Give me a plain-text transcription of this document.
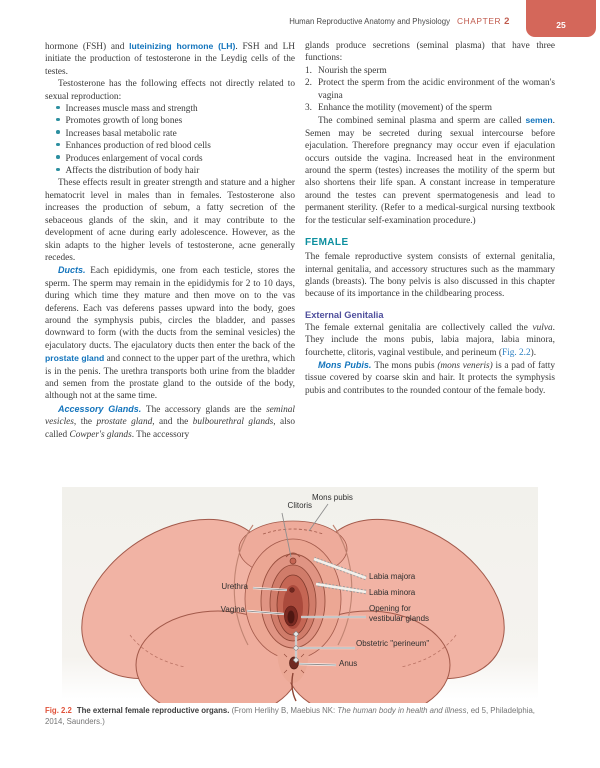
Human Reproductive Anatomy and Physiology CHAPTER 2	25

hormone (FSH) and luteinizing hormone (LH). FSH and LH initiate the production of testosterone in the Leydig cells of the testes.

Testosterone has the following effects not directly related to sexual reproduction:

Increases muscle mass and strength
Promotes growth of long bones
Increases basal metabolic rate
Enhances production of red blood cells
Produces enlargement of vocal cords
Affects the distribution of body hair

These effects result in greater strength and stature and a higher hematocrit level in males than in females. Testosterone also increases the production of sebum, a fatty secretion of the sebaceous glands of the skin, and it may contribute to the development of acne during early adolescence. However, as the skin adapts to the higher levels of testosterone, acne generally recedes.

Ducts. Each epididymis, one from each testicle, stores the sperm. The sperm may remain in the epididymis for 2 to 10 days, during which time they mature and then move on to the vas deferens. Each vas deferens passes upward into the body, goes around the symphysis pubis, circles the bladder, and passes downward to form (with the ducts from the seminal vesicles) the ejaculatory ducts. The ejaculatory ducts then enter the back of the prostate gland and connect to the upper part of the urethra, which is in the penis. The urethra transports both urine from the bladder and semen from the prostate gland to the outside of the body, although not at the same time.

Accessory Glands. The accessory glands are the seminal vesicles, the prostate gland, and the bulbourethral glands, also called Cowper's glands. The accessory

glands produce secretions (seminal plasma) that have three functions:

1. Nourish the sperm
2. Protect the sperm from the acidic environment of the woman's vagina
3. Enhance the motility (movement) of the sperm

The combined seminal plasma and sperm are called semen. Semen may be secreted during sexual intercourse before ejaculation. Therefore pregnancy may occur even if ejaculation occurs outside the vagina. Increased heat in the environment around the sperm (testes) increases the motility of the sperm but also shortens their life span. A constant increase in temperature around the testes can prevent spermatogenesis and lead to permanent sterility. (Refer to a medical-surgical nursing textbook for the testicular self-examination procedure.)

FEMALE

The female reproductive system consists of external genitalia, internal genitalia, and accessory structures such as the mammary glands (breasts). The bony pelvis is also discussed in this chapter because of its importance in the childbearing process.

External Genitalia

The female external genitalia are collectively called the vulva. They include the mons pubis, labia majora, labia minora, fourchette, clitoris, vaginal vestibule, and perineum (Fig. 2.2).

Mons Pubis. The mons pubis (mons veneris) is a pad of fatty tissue covered by coarse skin and hair. It protects the symphysis pubis and contributes to the rounded contour of the female body.

Clitoris
Mons pubis
Urethra
Vagina
Labia majora
Labia minora
Opening for vestibular glands
Obstetric "perineum"
Anus
Fig. 2.2 The external female reproductive organs. (From Herlihy B, Maebius NK: The human body in health and illness, ed 5, Philadelphia, 2014, Saunders.)
